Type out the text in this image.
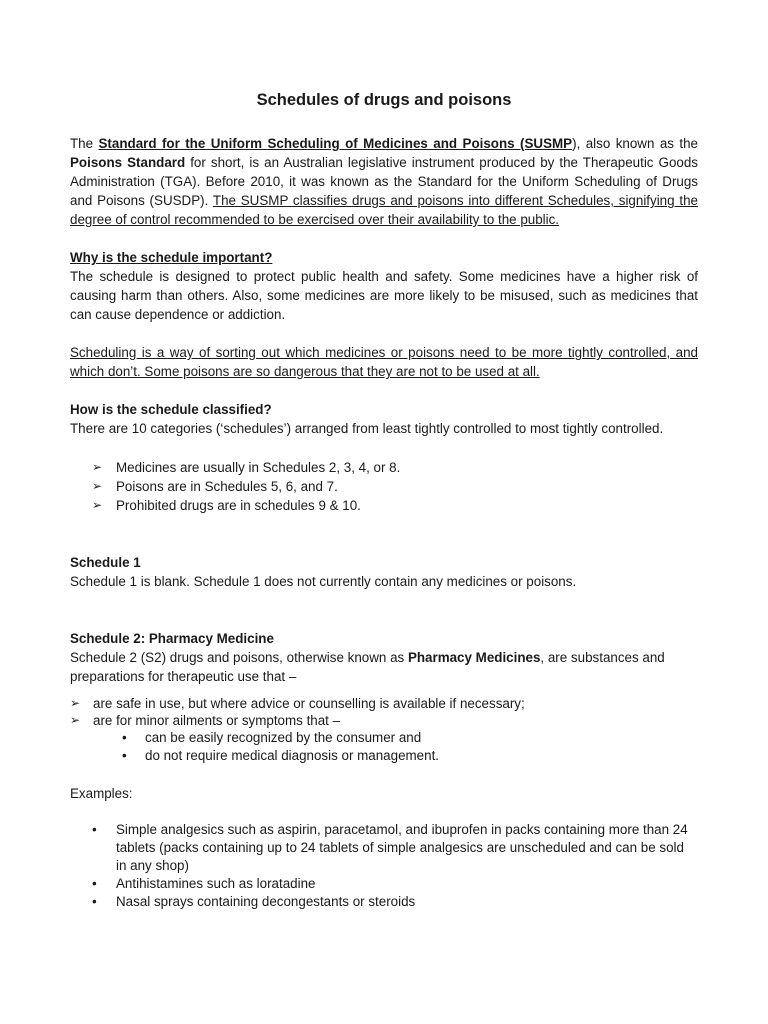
Schedules of drugs and poisons

The Standard for the Uniform Scheduling of Medicines and Poisons (SUSMP), also known as the Poisons Standard for short, is an Australian legislative instrument produced by the Therapeutic Goods Administration (TGA). Before 2010, it was known as the Standard for the Uniform Scheduling of Drugs and Poisons (SUSDP). The SUSMP classifies drugs and poisons into different Schedules, signifying the degree of control recommended to be exercised over their availability to the public.

Why is the schedule important?

The schedule is designed to protect public health and safety. Some medicines have a higher risk of causing harm than others. Also, some medicines are more likely to be misused, such as medicines that can cause dependence or addiction.

Scheduling is a way of sorting out which medicines or poisons need to be more tightly controlled, and which don’t. Some poisons are so dangerous that they are not to be used at all.

How is the schedule classified?

There are 10 categories (‘schedules’) arranged from least tightly controlled to most tightly controlled.

➢ Medicines are usually in Schedules 2, 3, 4, or 8.
➢ Poisons are in Schedules 5, 6, and 7.
➢ Prohibited drugs are in schedules 9 & 10.

Schedule 1

Schedule 1 is blank. Schedule 1 does not currently contain any medicines or poisons.

Schedule 2: Pharmacy Medicine

Schedule 2 (S2) drugs and poisons, otherwise known as Pharmacy Medicines, are substances and preparations for therapeutic use that –

➢ are safe in use, but where advice or counselling is available if necessary;
➢ are for minor ailments or symptoms that –
• can be easily recognized by the consumer and
• do not require medical diagnosis or management.

Examples:

• Simple analgesics such as aspirin, paracetamol, and ibuprofen in packs containing more than 24 tablets (packs containing up to 24 tablets of simple analgesics are unscheduled and can be sold in any shop)
• Antihistamines such as loratadine
• Nasal sprays containing decongestants or steroids
